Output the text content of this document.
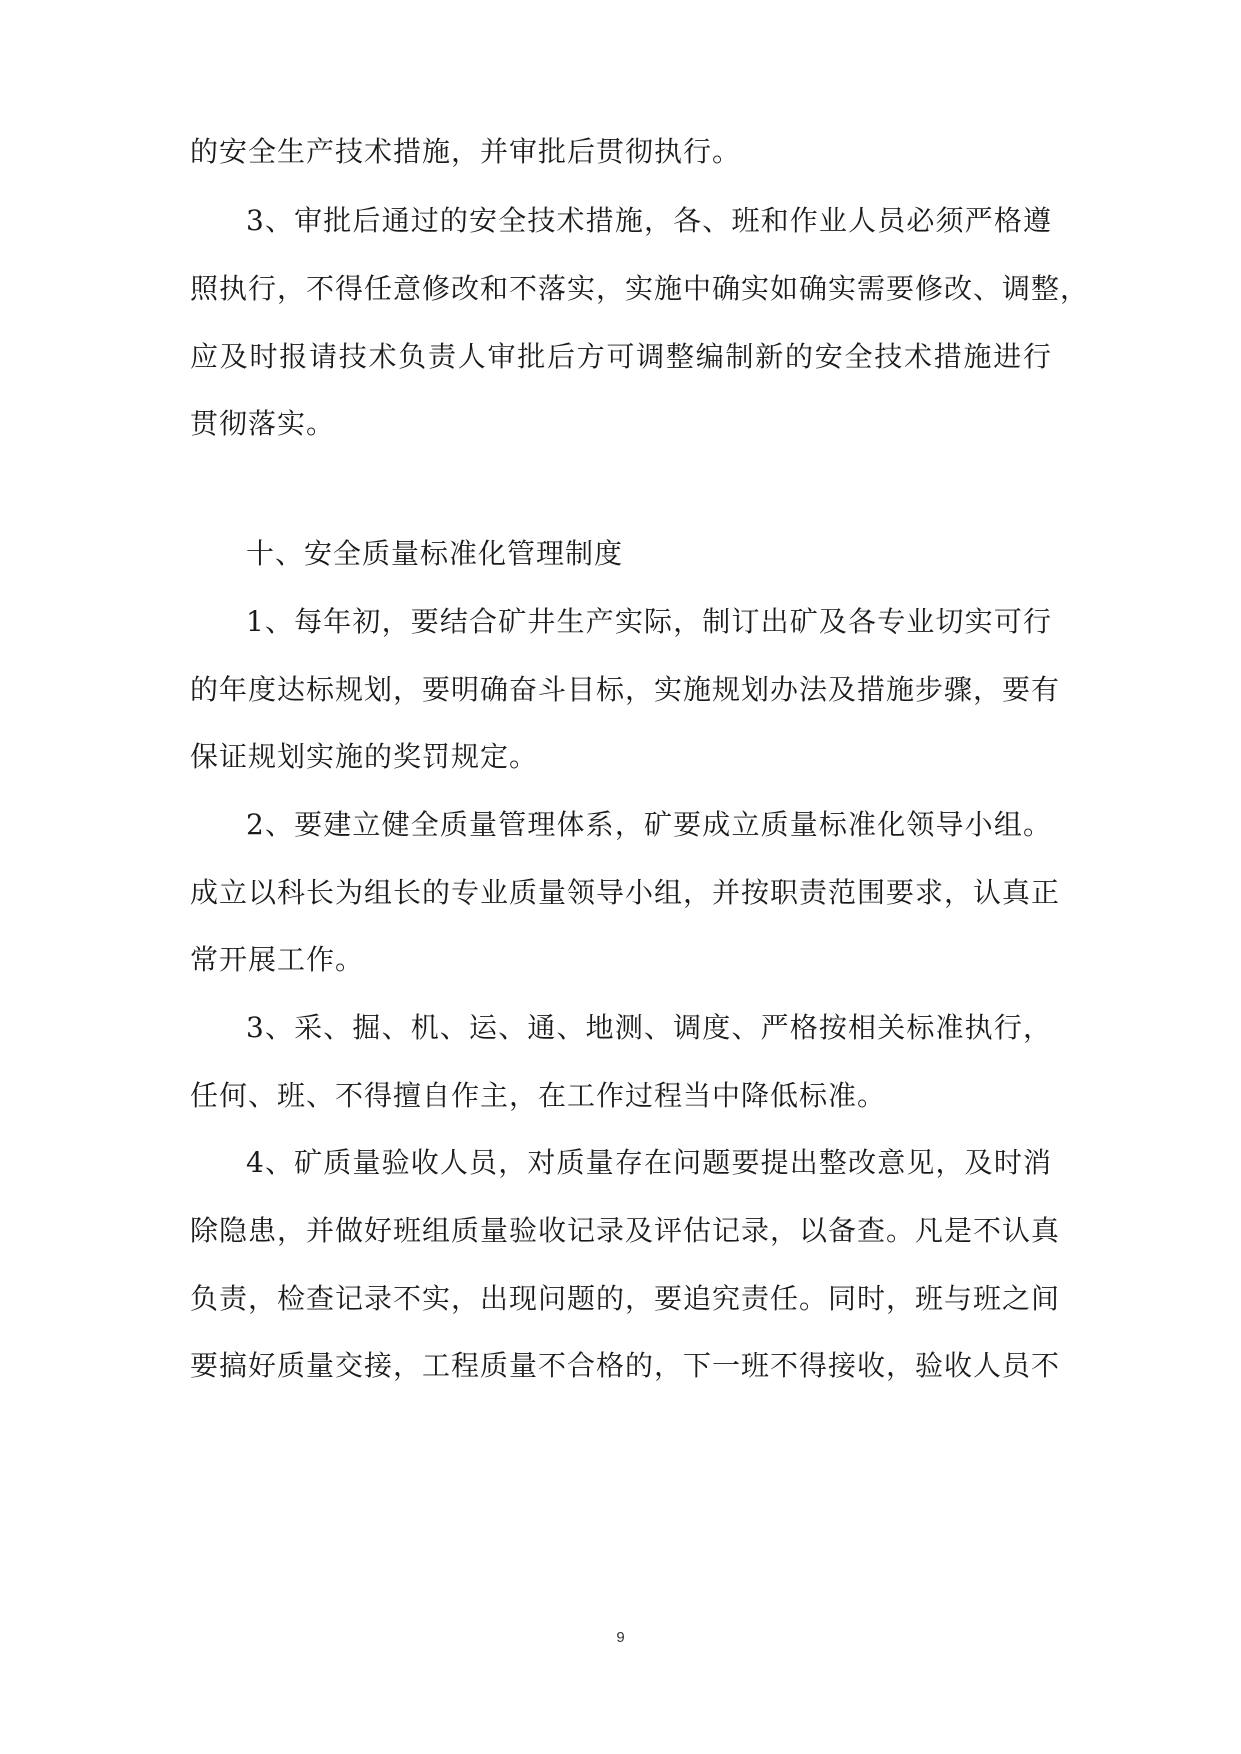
的安全生产技术措施，并审批后贯彻执行。
3、审批后通过的安全技术措施，各、班和作业人员必须严格遵
照执行，不得任意修改和不落实，实施中确实如确实需要修改、调整，
应及时报请技术负责人审批后方可调整编制新的安全技术措施进行
贯彻落实。
十、安全质量标准化管理制度
1、每年初，要结合矿井生产实际，制订出矿及各专业切实可行
的年度达标规划，要明确奋斗目标，实施规划办法及措施步骤，要有
保证规划实施的奖罚规定。
2、要建立健全质量管理体系，矿要成立质量标准化领导小组。
成立以科长为组长的专业质量领导小组，并按职责范围要求，认真正
常开展工作。
3、采、掘、机、运、通、地测、调度、严格按相关标准执行，
任何、班、不得擅自作主，在工作过程当中降低标准。
4、矿质量验收人员，对质量存在问题要提出整改意见，及时消
除隐患，并做好班组质量验收记录及评估记录，以备查。凡是不认真
负责，检查记录不实，出现问题的，要追究责任。同时，班与班之间
要搞好质量交接，工程质量不合格的，下一班不得接收，验收人员不
9
